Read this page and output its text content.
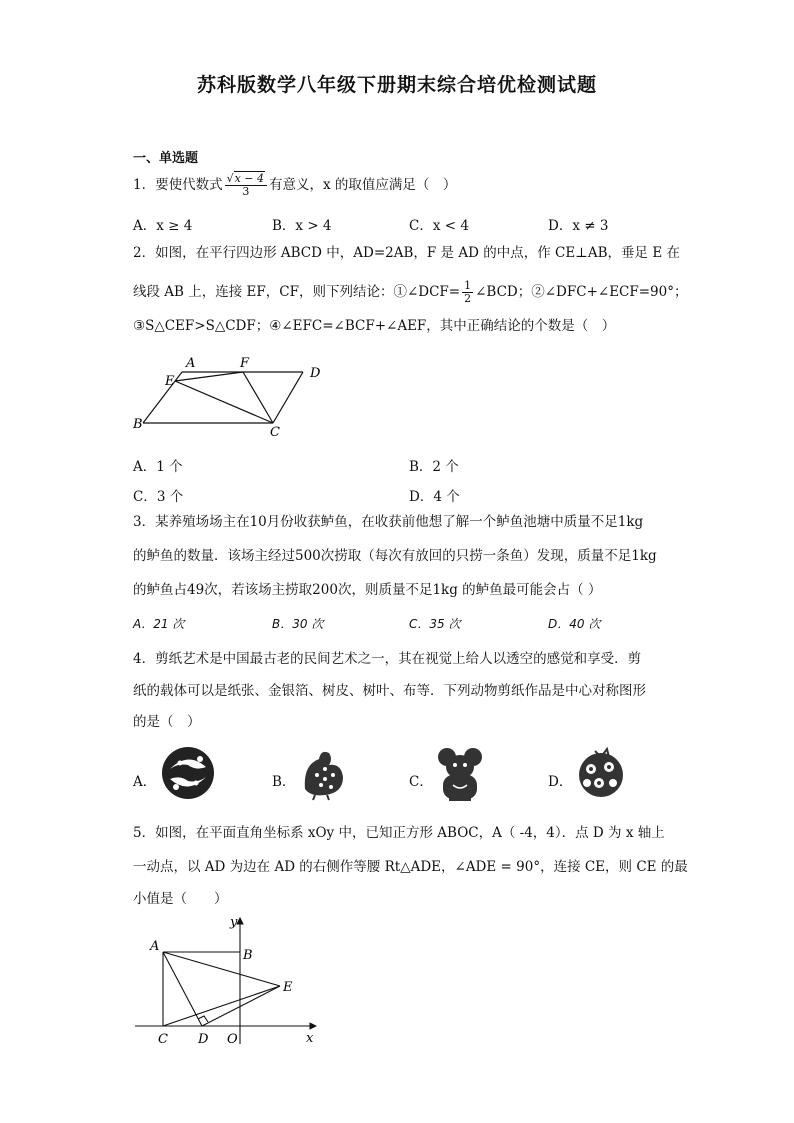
苏科版数学八年级下册期末综合培优检测试题
一、单选题
1．要使代数式 $\frac{√x - 4}{3}$ 有意义，x 的取值应满足（　）
A．x ≥ 4	B．x > 4	C．x < 4	D．x ≠ 3
2．如图，在平行四边形 ABCD 中，AD=2AB，F 是 AD 的中点，作 CE⊥AB，垂足 E 在
线段 AB 上，连接 EF，CF，则下列结论：①∠DCF= $\frac{1}{2}$ ∠BCD；②∠DFC+∠ECF=90°；
③S△CEF>S△CDF；④∠EFC=∠BCF+∠AEF，其中正确结论的个数是（　）
A	F
D
E
B
C
A．1 个	B．2 个
C．3 个	D．4 个
3．某养殖场场主在10月份收获鲈鱼，在收获前他想了解一个鲈鱼池塘中质量不足1kg
的鲈鱼的数量．该场主经过500次捞取（每次有放回的只捞一条鱼）发现，质量不足1kg
的鲈鱼占49次，若该场主捞取200次，则质量不足1kg 的鲈鱼最可能会占（ ）
A．21 次	B．30 次	C．35 次	D．40 次
4．剪纸艺术是中国最古老的民间艺术之一，其在视觉上给人以透空的感觉和享受．剪
纸的载体可以是纸张、金银箔、树皮、树叶、布等．下列动物剪纸作品是中心对称图形
的是（　）
A．	B．	C．	D．
5．如图，在平面直角坐标系 xOy 中，已知正方形 ABOC，A（ -4，4）．点 D 为 x 轴上
一动点，以 AD 为边在 AD 的右侧作等腰 Rt△ADE，∠ADE = 90°，连接 CE，则 CE 的最
小值是（　　）
y
A
B
E
C D O	x
